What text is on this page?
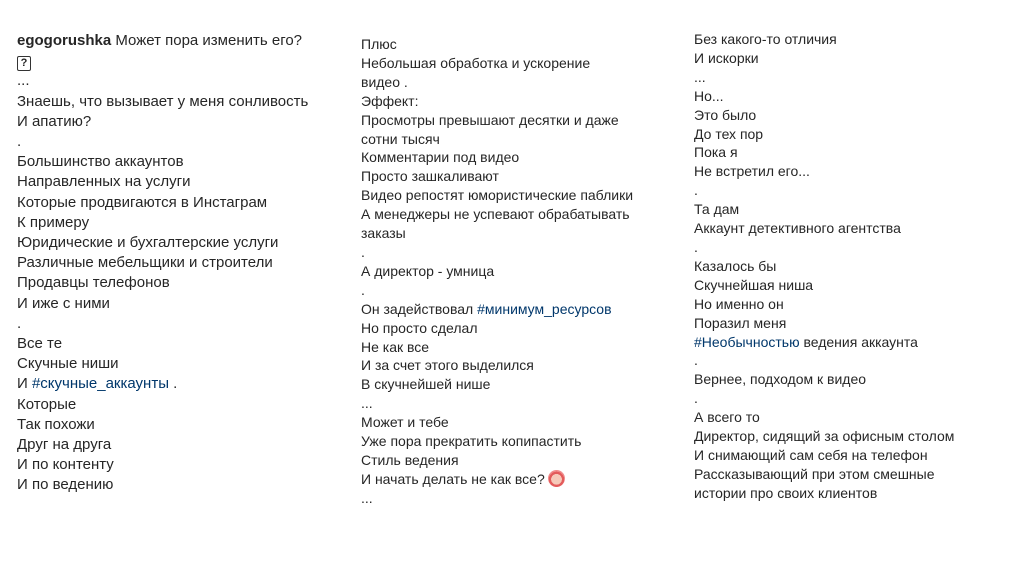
egogorushka Может пора изменить его?

?

...

Знаешь, что вызывает у меня сонливость

И апатию?

.

Большинство аккаунтов

Направленных на услуги

Которые продвигаются в Инстаграм

К примеру

Юридические и бухгалтерские услуги

Различные мебельщики и строители

Продавцы телефонов

И иже с ними

.

Все те

Скучные ниши

И #скучные_аккаунты .

Которые

Так похожи

Друг на друга

И по контенту

И по ведению

Плюс

Небольшая обработка и ускорение

видео .

Эффект:

Просмотры превышают десятки и даже

сотни тысяч

Комментарии под видео

Просто зашкаливают

Видео репостят юмористические паблики

А менеджеры не успевают обрабатывать

заказы

.

А директор - умница

.

Он задействовал #минимум_ресурсов

Но просто сделал

Не как все

И за счет этого выделился

В скучнейшей нише

...

Может и тебе

Уже пора прекратить копипастить

Стиль ведения

И начать делать не как все?

...

Без какого-то отличия

И искорки

...

Но...

Это было

До тех пор

Пока я

Не встретил его...

.

Та дам

Аккаунт детективного агентства

.

Казалось бы

Скучнейшая ниша

Но именно он

Поразил меня

#Необычностью ведения аккаунта

.

Вернее, подходом к видео

.

А всего то

Директор, сидящий за офисным столом

И снимающий сам себя на телефон

Рассказывающий при этом смешные

истории про своих клиентов
